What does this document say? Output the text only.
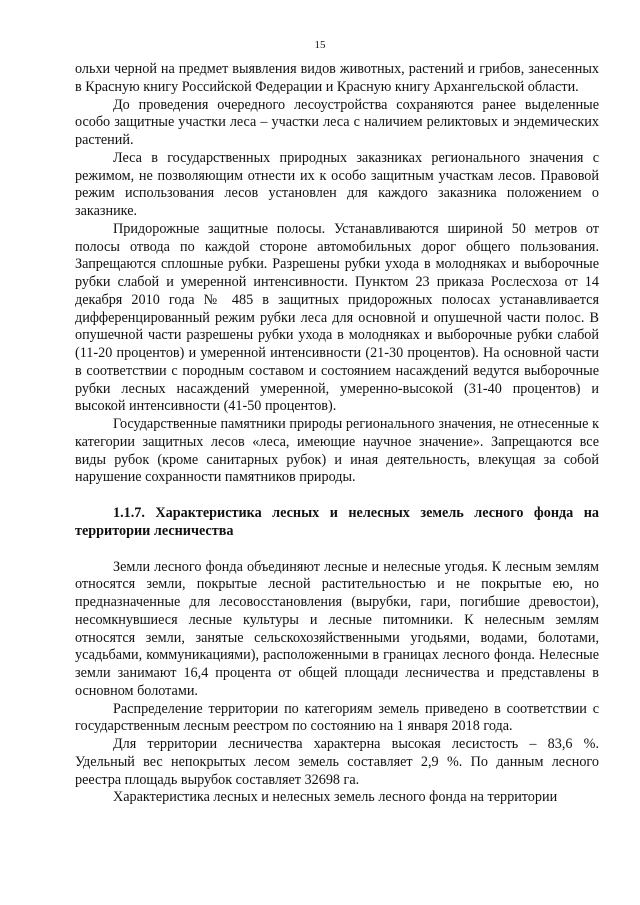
15

ольхи черной на предмет выявления видов животных, растений и грибов, занесенных в Красную книгу Российской Федерации и Красную книгу Архангельской области.

До проведения очередного лесоустройства сохраняются ранее выделенные особо защитные участки леса – участки леса с наличием реликтовых и эндемических растений.

Леса в государственных природных заказниках регионального значения с режимом, не позволяющим отнести их к особо защитным участкам лесов. Правовой режим использования лесов установлен для каждого заказника положением о заказнике.

Придорожные защитные полосы. Устанавливаются шириной 50 метров от полосы отвода по каждой стороне автомобильных дорог общего пользования. Запрещаются сплошные рубки. Разрешены рубки ухода в молодняках и выборочные рубки слабой и умеренной интенсивности. Пунктом 23 приказа Рослесхоза от 14 декабря 2010 года № 485 в защитных придорожных полосах устанавливается дифференцированный режим рубки леса для основной и опушечной части полос. В опушечной части разрешены рубки ухода в молодняках и выборочные рубки слабой (11-20 процентов) и умеренной интенсивности (21-30 процентов). На основной части в соответствии с породным составом и состоянием насаждений ведутся выборочные рубки лесных насаждений умеренной, умеренно-высокой (31-40 процентов) и высокой интенсивности (41-50 процентов).

Государственные памятники природы регионального значения, не отнесенные к категории защитных лесов «леса, имеющие научное значение». Запрещаются все виды рубок (кроме санитарных рубок) и иная деятельность, влекущая за собой нарушение сохранности памятников природы.

1.1.7. Характеристика лесных и нелесных земель лесного фонда на территории лесничества

Земли лесного фонда объединяют лесные и нелесные угодья. К лесным землям относятся земли, покрытые лесной растительностью и не покрытые ею, но предназначенные для лесовосстановления (вырубки, гари, погибшие древостои), несомкнувшиеся лесные культуры и лесные питомники. К нелесным землям относятся земли, занятые сельскохозяйственными угодьями, водами, болотами, усадьбами, коммуникациями), расположенными в границах лесного фонда. Нелесные земли занимают 16,4 процента от общей площади лесничества и представлены в основном болотами.

Распределение территории по категориям земель приведено в соответствии с государственным лесным реестром по состоянию на 1 января 2018 года.

Для территории лесничества характерна высокая лесистость – 83,6 %. Удельный вес непокрытых лесом земель составляет 2,9 %. По данным лесного реестра площадь вырубок составляет 32698 га.

Характеристика лесных и нелесных земель лесного фонда на территории
